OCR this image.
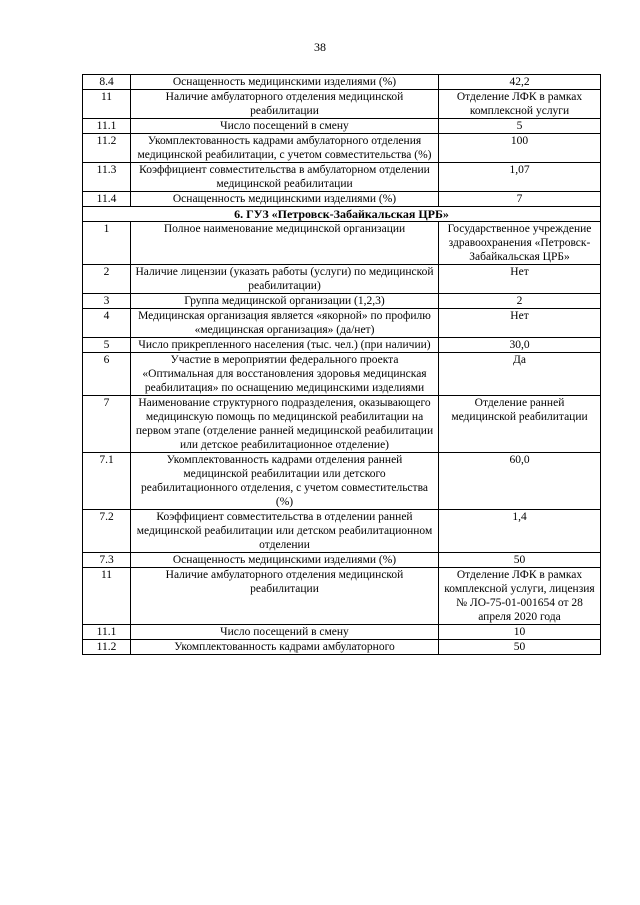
38
8.4	Оснащенность медицинскими изделиями (%)	42,2
11	Наличие амбулаторного отделения медицинской реабилитации	Отделение ЛФК в рамках комплексной услуги
11.1	Число посещений в смену	5
11.2	Укомплектованность кадрами амбулаторного отделения медицинской реабилитации, с учетом совместительства (%)	100
11.3	Коэффициент совместительства в амбулаторном отделении медицинской реабилитации	1,07
11.4	Оснащенность медицинскими изделиями (%)	7
6. ГУЗ «Петровск-Забайкальская ЦРБ»		
1	Полное наименование медицинской организации	Государственное учреждение здравоохранения «Петровск-Забайкальская ЦРБ»
2	Наличие лицензии (указать работы (услуги) по медицинской реабилитации)	Нет
3	Группа медицинской организации (1,2,3)	2
4	Медицинская организация является «якорной» по профилю «медицинская организация» (да/нет)	Нет
5	Число прикрепленного населения (тыс. чел.) (при наличии)	30,0
6	Участие в мероприятии федерального проекта «Оптимальная для восстановления здоровья медицинская реабилитация» по оснащению медицинскими изделиями	Да
7	Наименование структурного подразделения, оказывающего медицинскую помощь по медицинской реабилитации на первом этапе (отделение ранней медицинской реабилитации или детское реабилитационное отделение)	Отделение ранней медицинской реабилитации
7.1	Укомплектованность кадрами отделения ранней медицинской реабилитации или детского реабилитационного отделения, с учетом совместительства (%)	60,0
7.2	Коэффициент совместительства в отделении ранней медицинской реабилитации или детском реабилитационном отделении	1,4
7.3	Оснащенность медицинскими изделиями (%)	50
11	Наличие амбулаторного отделения медицинской реабилитации	Отделение ЛФК в рамках комплексной услуги, лицензия № ЛО-75-01-001654 от 28 апреля 2020 года
11.1	Число посещений в смену	10
11.2	Укомплектованность кадрами амбулаторного	50
